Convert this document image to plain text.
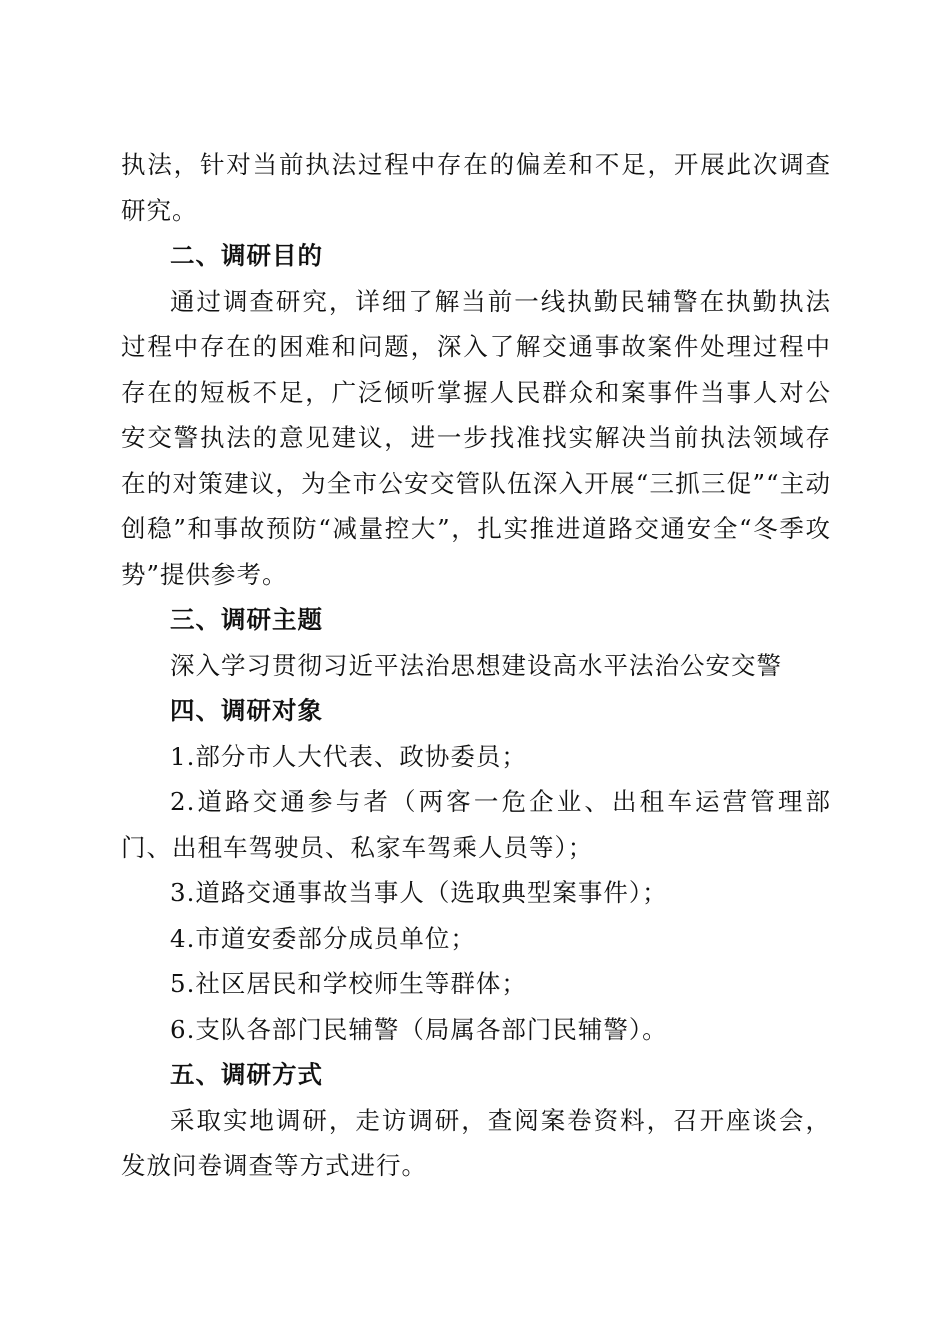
执法，针对当前执法过程中存在的偏差和不足，开展此次调查研究。

二、调研目的

通过调查研究，详细了解当前一线执勤民辅警在执勤执法过程中存在的困难和问题，深入了解交通事故案件处理过程中存在的短板不足，广泛倾听掌握人民群众和案事件当事人对公安交警执法的意见建议，进一步找准找实解决当前执法领域存在的对策建议，为全市公安交管队伍深入开展“三抓三促”“主动创稳”和事故预防“减量控大”，扎实推进道路交通安全“冬季攻势”提供参考。

三、调研主题

深入学习贯彻习近平法治思想建设高水平法治公安交警

四、调研对象

1.部分市人大代表、政协委员；

2.道路交通参与者（两客一危企业、出租车运营管理部门、出租车驾驶员、私家车驾乘人员等）；

3.道路交通事故当事人（选取典型案事件）；

4.市道安委部分成员单位；

5.社区居民和学校师生等群体；

6.支队各部门民辅警（局属各部门民辅警）。

五、调研方式

采取实地调研，走访调研，查阅案卷资料，召开座谈会，发放问卷调查等方式进行。
